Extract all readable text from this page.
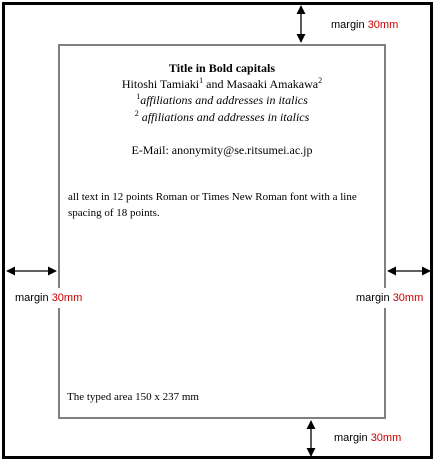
Title in Bold capitals
Hitoshi Tamiaki$^1$ and Masaaki Amakawa$^2$
$^1$affiliations and addresses in italics
$^2$ affiliations and addresses in italics
E-Mail: anonymity@se.ritsumei.ac.jp
all text in 12 points Roman or Times New Roman font with a line spacing of 18 points.
The typed area 150 x 237 mm
margin 30mm
margin 30mm	margin 30mm
margin 30mm
